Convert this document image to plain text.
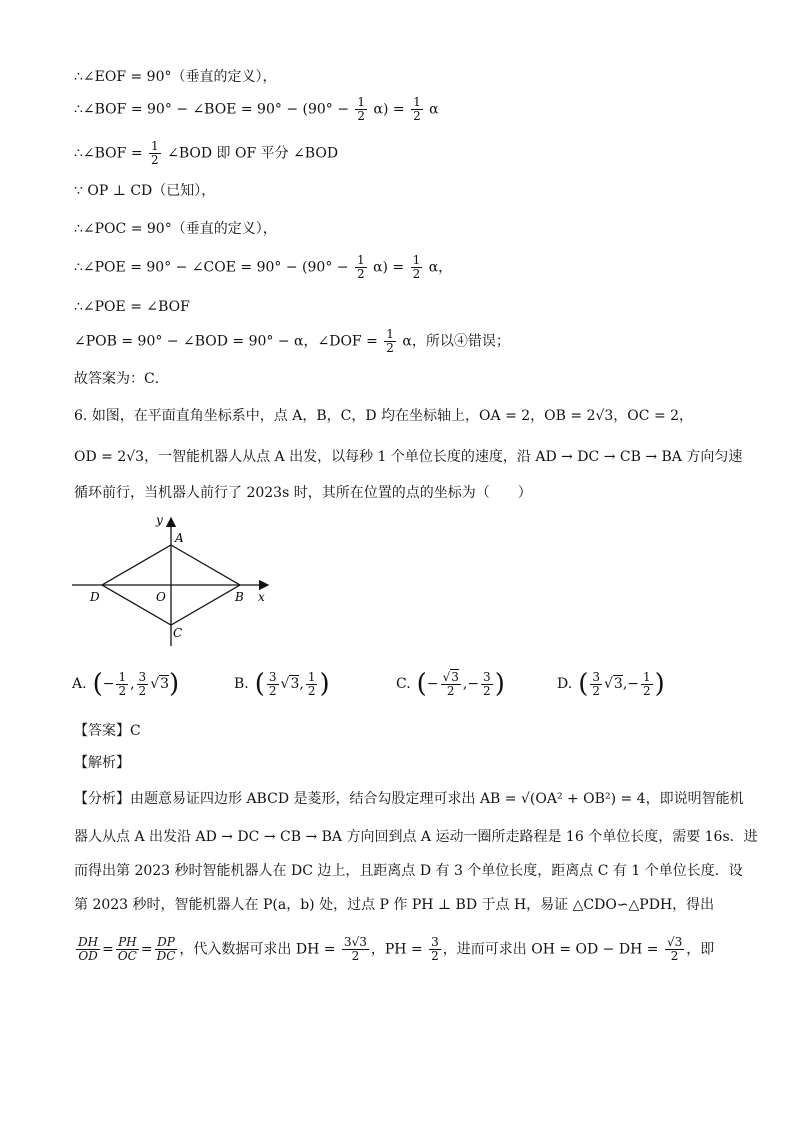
∴∠EOF = 90°（垂直的定义），
∴∠BOF = 90° − ∠BOE = $90^\circ - (90^\circ - \frac{1}{2} \alpha) = \frac{1}{2}$ α
∴∠BOF = $\frac{1}{2}$ ∠BOD 即 OF 平分 ∠BOD
∵ OP ⊥ CD（已知），
∴∠POC = 90°（垂直的定义），
∴∠POE = 90° − ∠COE = $90^\circ - (90^\circ - \frac{1}{2} \alpha) = \frac{1}{2}$ α，
∴∠POE = ∠BOF
∠POB = 90° − ∠BOD = 90° − α，∠DOF = $\frac{1}{2}$ α，所以④错误；
故答案为：C．
6. 如图，在平面直角坐标系中，点 A，B，C，D 均在坐标轴上，OA = 2，OB = 2√3，OC = 2，
OD = 2√3，一智能机器人从点 A 出发，以每秒 1 个单位长度的速度，沿 AD → DC → CB → BA 方向匀速
循环前行，当机器人前行了 2023s 时，其所在位置的点的坐标为（　　）
y
x
A
B
C
D	O
A. (− $\frac{1}{2}$ , $\frac{3}{2} √3$)	B. ( $\frac{3}{2} √3$, $\frac{1}{2}$ )	C. (− $\frac{√3}{2}$ ,− $\frac{3}{2}$ )	D. ( $\frac{3}{2} √3,- \frac{1}{2}$ )
【答案】C
【解析】
【分析】由题意易证四边形 ABCD 是菱形，结合勾股定理可求出 AB = √(OA² + OB²) = 4，即说明智能机
器人从点 A 出发沿 AD → DC → CB → BA 方向回到点 A 运动一圈所走路程是 16 个单位长度，需要 16s．进
而得出第 2023 秒时智能机器人在 DC 边上，且距离点 D 有 3 个单位长度，距离点 C 有 1 个单位长度．设
第 2023 秒时，智能机器人在 P(a，b) 处，过点 P 作 PH ⊥ BD 于点 H，易证 △CDO∽△PDH，得出
$\frac{DH}{OD} = \frac{PH}{OC} = \frac{DP}{DC}$ ，代入数据可求出 DH = $\frac{3√3}{2}$ ，PH = $\frac{3}{2}$ ，进而可求出 OH = OD − DH = $\frac{√3}{2}$ ，即
